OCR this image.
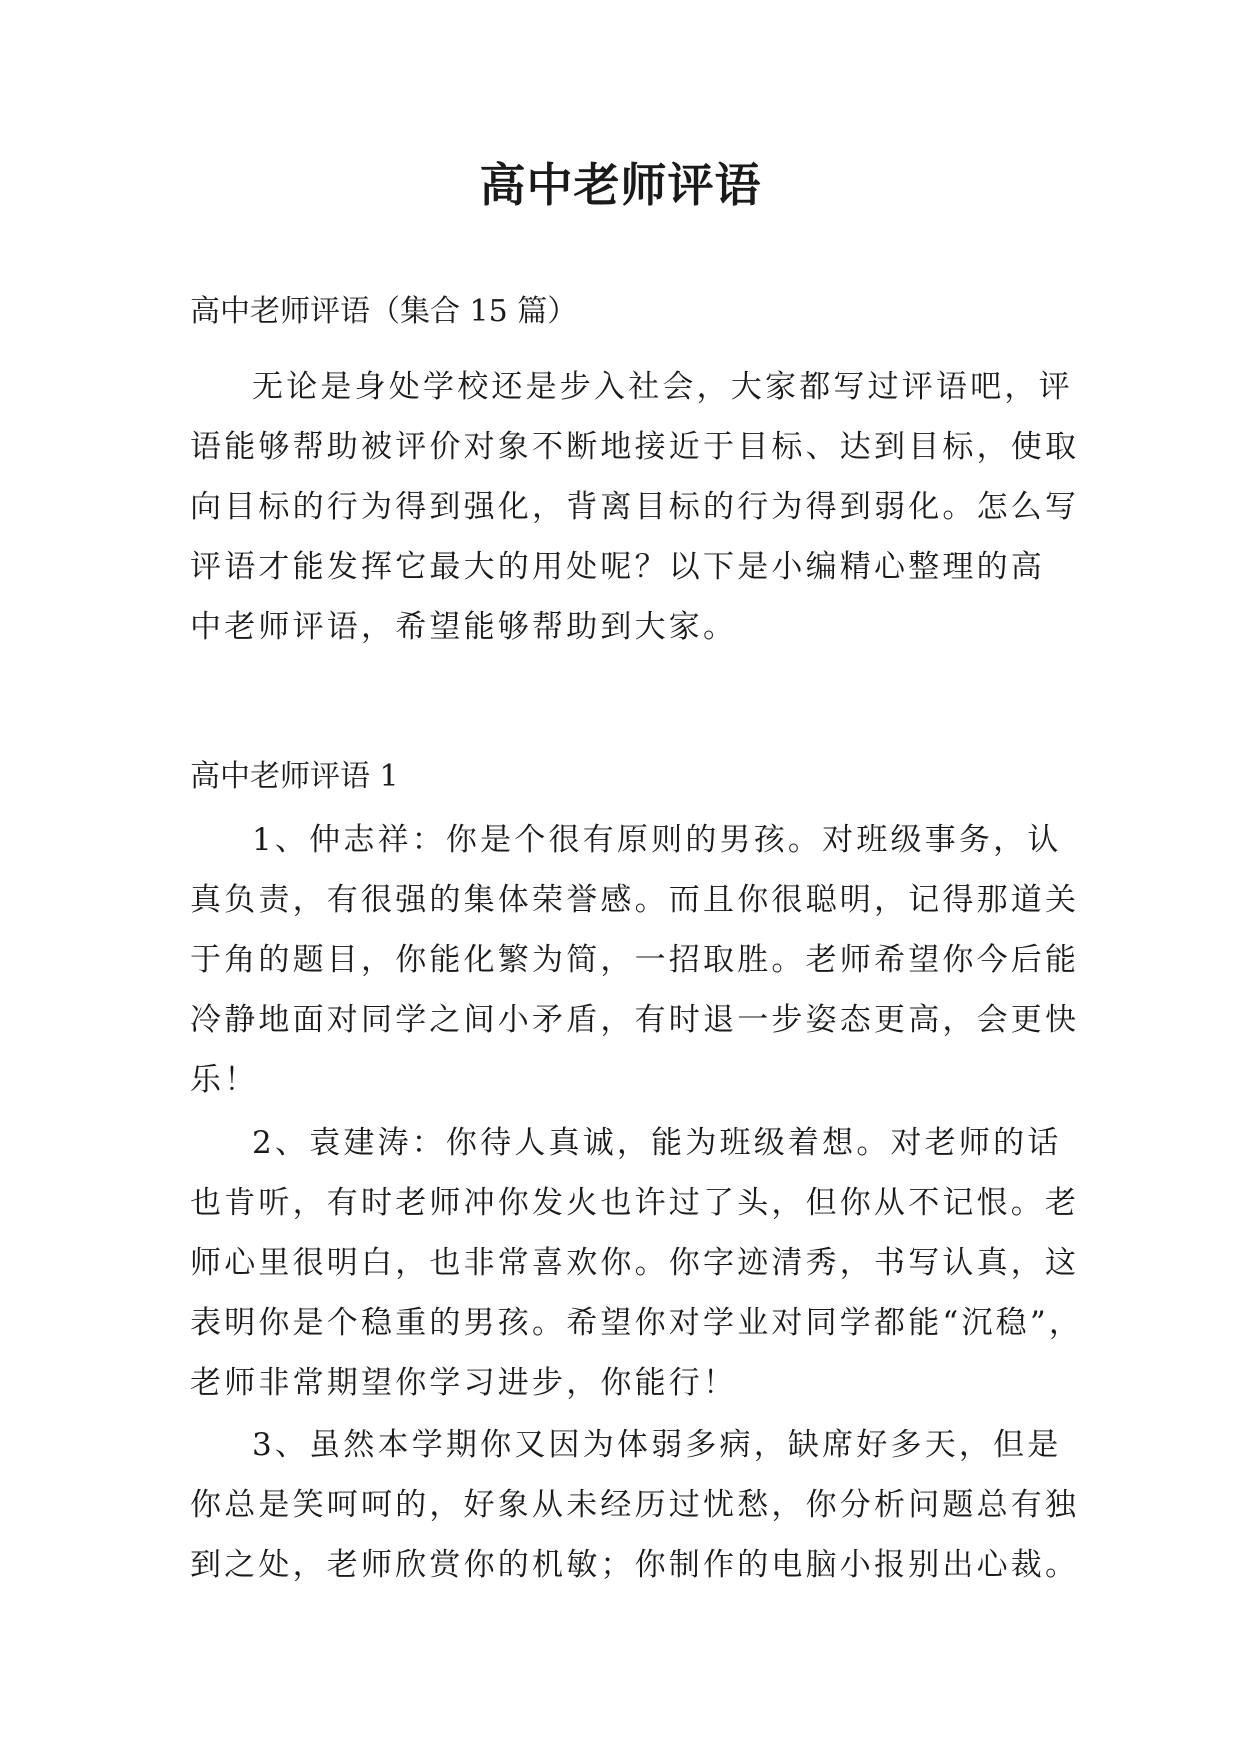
高中老师评语
高中老师评语（集合 15 篇）
无论是身处学校还是步入社会，大家都写过评语吧，评
语能够帮助被评价对象不断地接近于目标、达到目标，使取
向目标的行为得到强化，背离目标的行为得到弱化。怎么写
评语才能发挥它最大的用处呢？以下是小编精心整理的高
中老师评语，希望能够帮助到大家。
高中老师评语 1
1、仲志祥：你是个很有原则的男孩。对班级事务，认
真负责，有很强的集体荣誉感。而且你很聪明，记得那道关
于角的题目，你能化繁为简，一招取胜。老师希望你今后能
冷静地面对同学之间小矛盾，有时退一步姿态更高，会更快
乐！
2、袁建涛：你待人真诚，能为班级着想。对老师的话
也肯听，有时老师冲你发火也许过了头，但你从不记恨。老
师心里很明白，也非常喜欢你。你字迹清秀，书写认真，这
表明你是个稳重的男孩。希望你对学业对同学都能“沉稳”，
老师非常期望你学习进步，你能行！
3、虽然本学期你又因为体弱多病，缺席好多天，但是
你总是笑呵呵的，好象从未经历过忧愁，你分析问题总有独
到之处，老师欣赏你的机敏；你制作的电脑小报别出心裁。
